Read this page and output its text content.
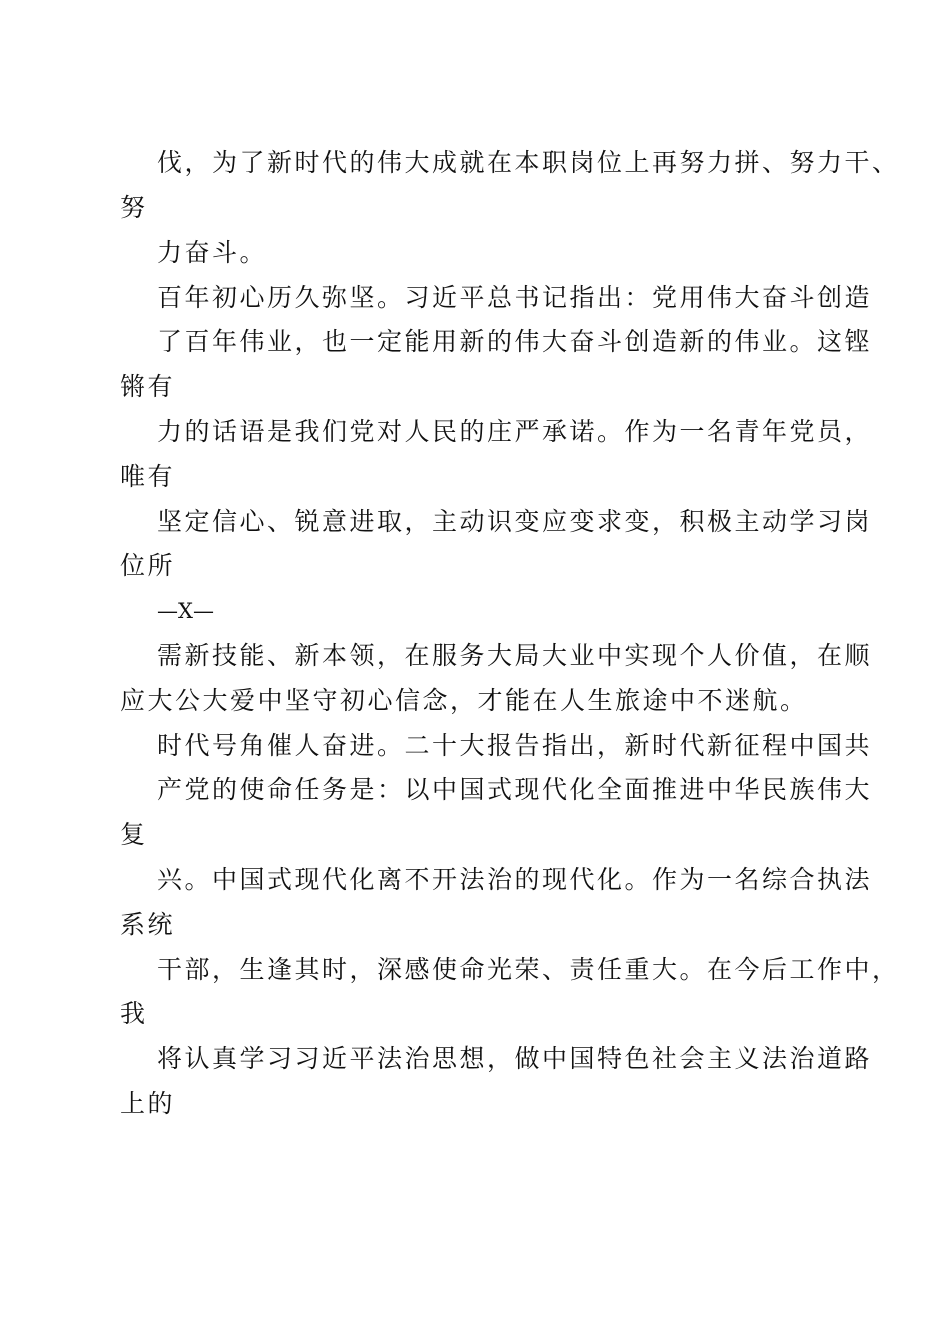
伐，为了新时代的伟大成就在本职岗位上再努力拼、努力干、
努
力奋斗。
百年初心历久弥坚。习近平总书记指出：党用伟大奋斗创造
了百年伟业，也一定能用新的伟大奋斗创造新的伟业。这铿
锵有
力的话语是我们党对人民的庄严承诺。作为一名青年党员，
唯有
坚定信心、锐意进取，主动识变应变求变，积极主动学习岗
位所
—X—
需新技能、新本领，在服务大局大业中实现个人价值，在顺
应大公大爱中坚守初心信念，才能在人生旅途中不迷航。
时代号角催人奋进。二十大报告指出，新时代新征程中国共
产党的使命任务是：以中国式现代化全面推进中华民族伟大
复
兴。中国式现代化离不开法治的现代化。作为一名综合执法
系统
干部，生逢其时，深感使命光荣、责任重大。在今后工作中，
我
将认真学习习近平法治思想，做中国特色社会主义法治道路
上的
